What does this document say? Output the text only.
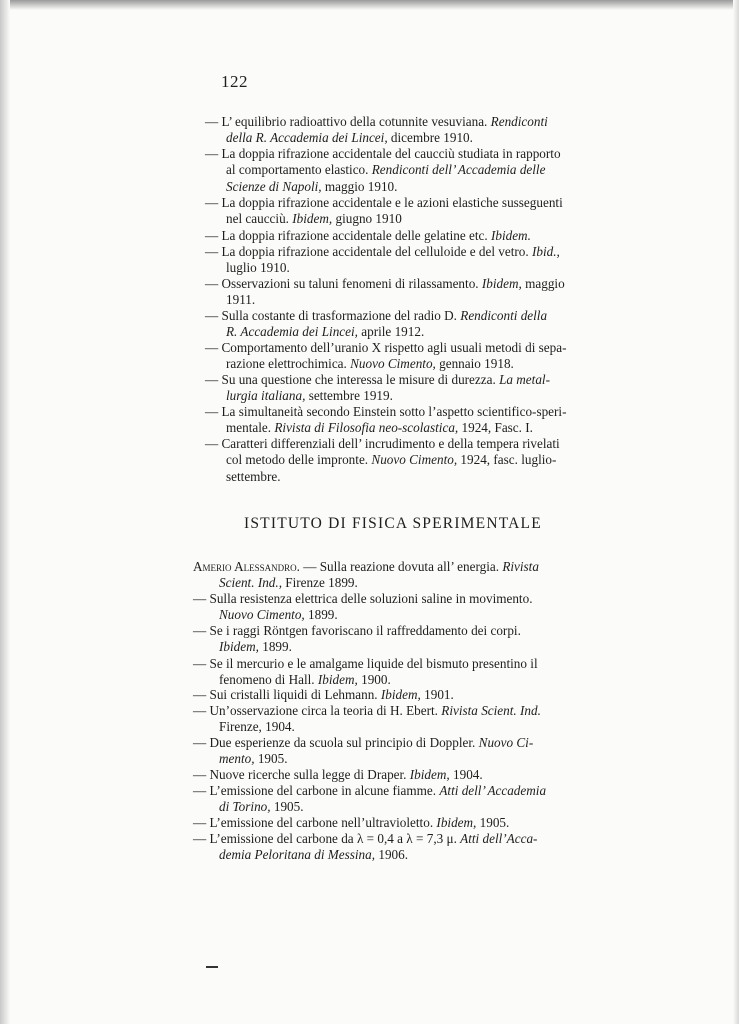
122
— L’ equilibrio radioattivo della cotunnite vesuviana. Rendiconti
della R. Accademia dei Lincei, dicembre 1910.
— La doppia rifrazione accidentale del caucciù studiata in rapporto
al comportamento elastico. Rendiconti dell’ Accademia delle
Scienze di Napoli, maggio 1910.
— La doppia rifrazione accidentale e le azioni elastiche susseguenti
nel caucciù. Ibidem, giugno 1910
— La doppia rifrazione accidentale delle gelatine etc. Ibidem.
— La doppia rifrazione accidentale del celluloide e del vetro. Ibid.,
luglio 1910.
— Osservazioni su taluni fenomeni di rilassamento. Ibidem, maggio
1911.
— Sulla costante di trasformazione del radio D. Rendiconti della
R. Accademia dei Lincei, aprile 1912.
— Comportamento dell’uranio X rispetto agli usuali metodi di sepa-
razione elettrochimica. Nuovo Cimento, gennaio 1918.
— Su una questione che interessa le misure di durezza. La metal-
lurgia italiana, settembre 1919.
— La simultaneità secondo Einstein sotto l’aspetto scientifico-speri-
mentale. Rivista di Filosofia neo-scolastica, 1924, Fasc. I.
— Caratteri differenziali dell’ incrudimento e della tempera rivelati
col metodo delle impronte. Nuovo Cimento, 1924, fasc. luglio-
settembre.
ISTITUTO DI FISICA SPERIMENTALE
Amerio Alessandro. — Sulla reazione dovuta all’ energia. Rivista
Scient. Ind., Firenze 1899.
— Sulla resistenza elettrica delle soluzioni saline in movimento.
Nuovo Cimento, 1899.
— Se i raggi Röntgen favoriscano il raffreddamento dei corpi.
Ibidem, 1899.
— Se il mercurio e le amalgame liquide del bismuto presentino il
fenomeno di Hall. Ibidem, 1900.
— Sui cristalli liquidi di Lehmann. Ibidem, 1901.
— Un’osservazione circa la teoria di H. Ebert. Rivista Scient. Ind.
Firenze, 1904.
— Due esperienze da scuola sul principio di Doppler. Nuovo Ci-
mento, 1905.
— Nuove ricerche sulla legge di Draper. Ibidem, 1904.
— L’emissione del carbone in alcune fiamme. Atti dell’ Accademia
di Torino, 1905.
— L’emissione del carbone nell’ultravioletto. Ibidem, 1905.
— L’emissione del carbone da λ = 0,4 a λ = 7,3 μ. Atti dell’Acca-
demia Peloritana di Messina, 1906.
